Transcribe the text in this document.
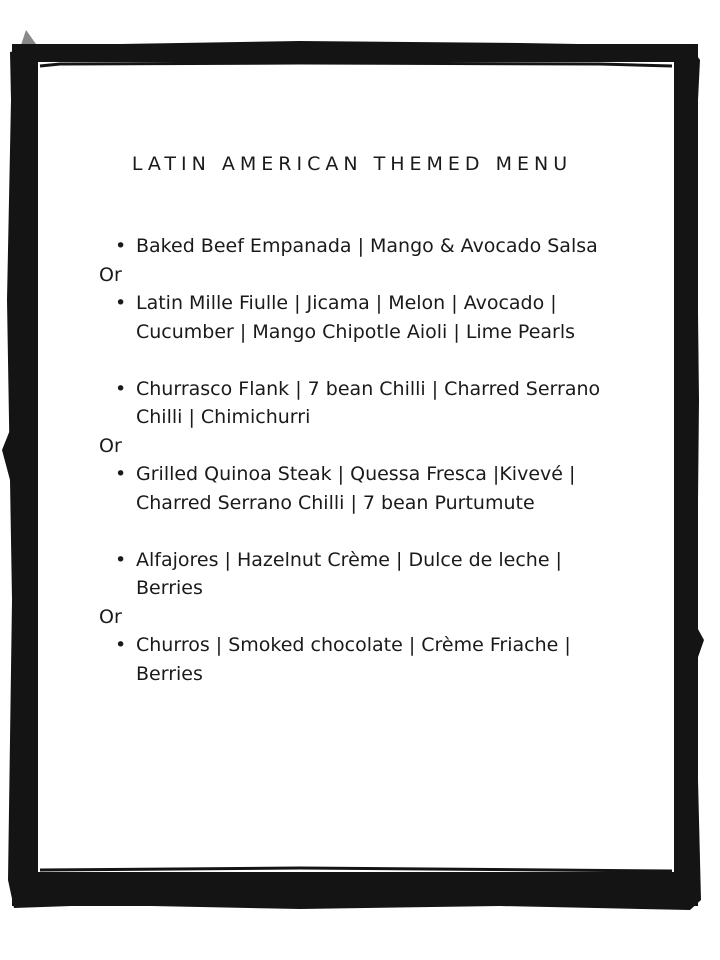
LATIN AMERICAN THEMED MENU
• Baked Beef Empanada | Mango & Avocado Salsa
Or
• Latin Mille Fiulle | Jicama | Melon | Avocado | Cucumber | Mango Chipotle Aioli | Lime Pearls
• Churrasco Flank | 7 bean Chilli | Charred Serrano Chilli | Chimichurri
Or
• Grilled Quinoa Steak | Quessa Fresca |Kivevé | Charred Serrano Chilli | 7 bean Purtumute
• Alfajores | Hazelnut Crème | Dulce de leche | Berries
Or
• Churros | Smoked chocolate | Crème Friache | Berries
